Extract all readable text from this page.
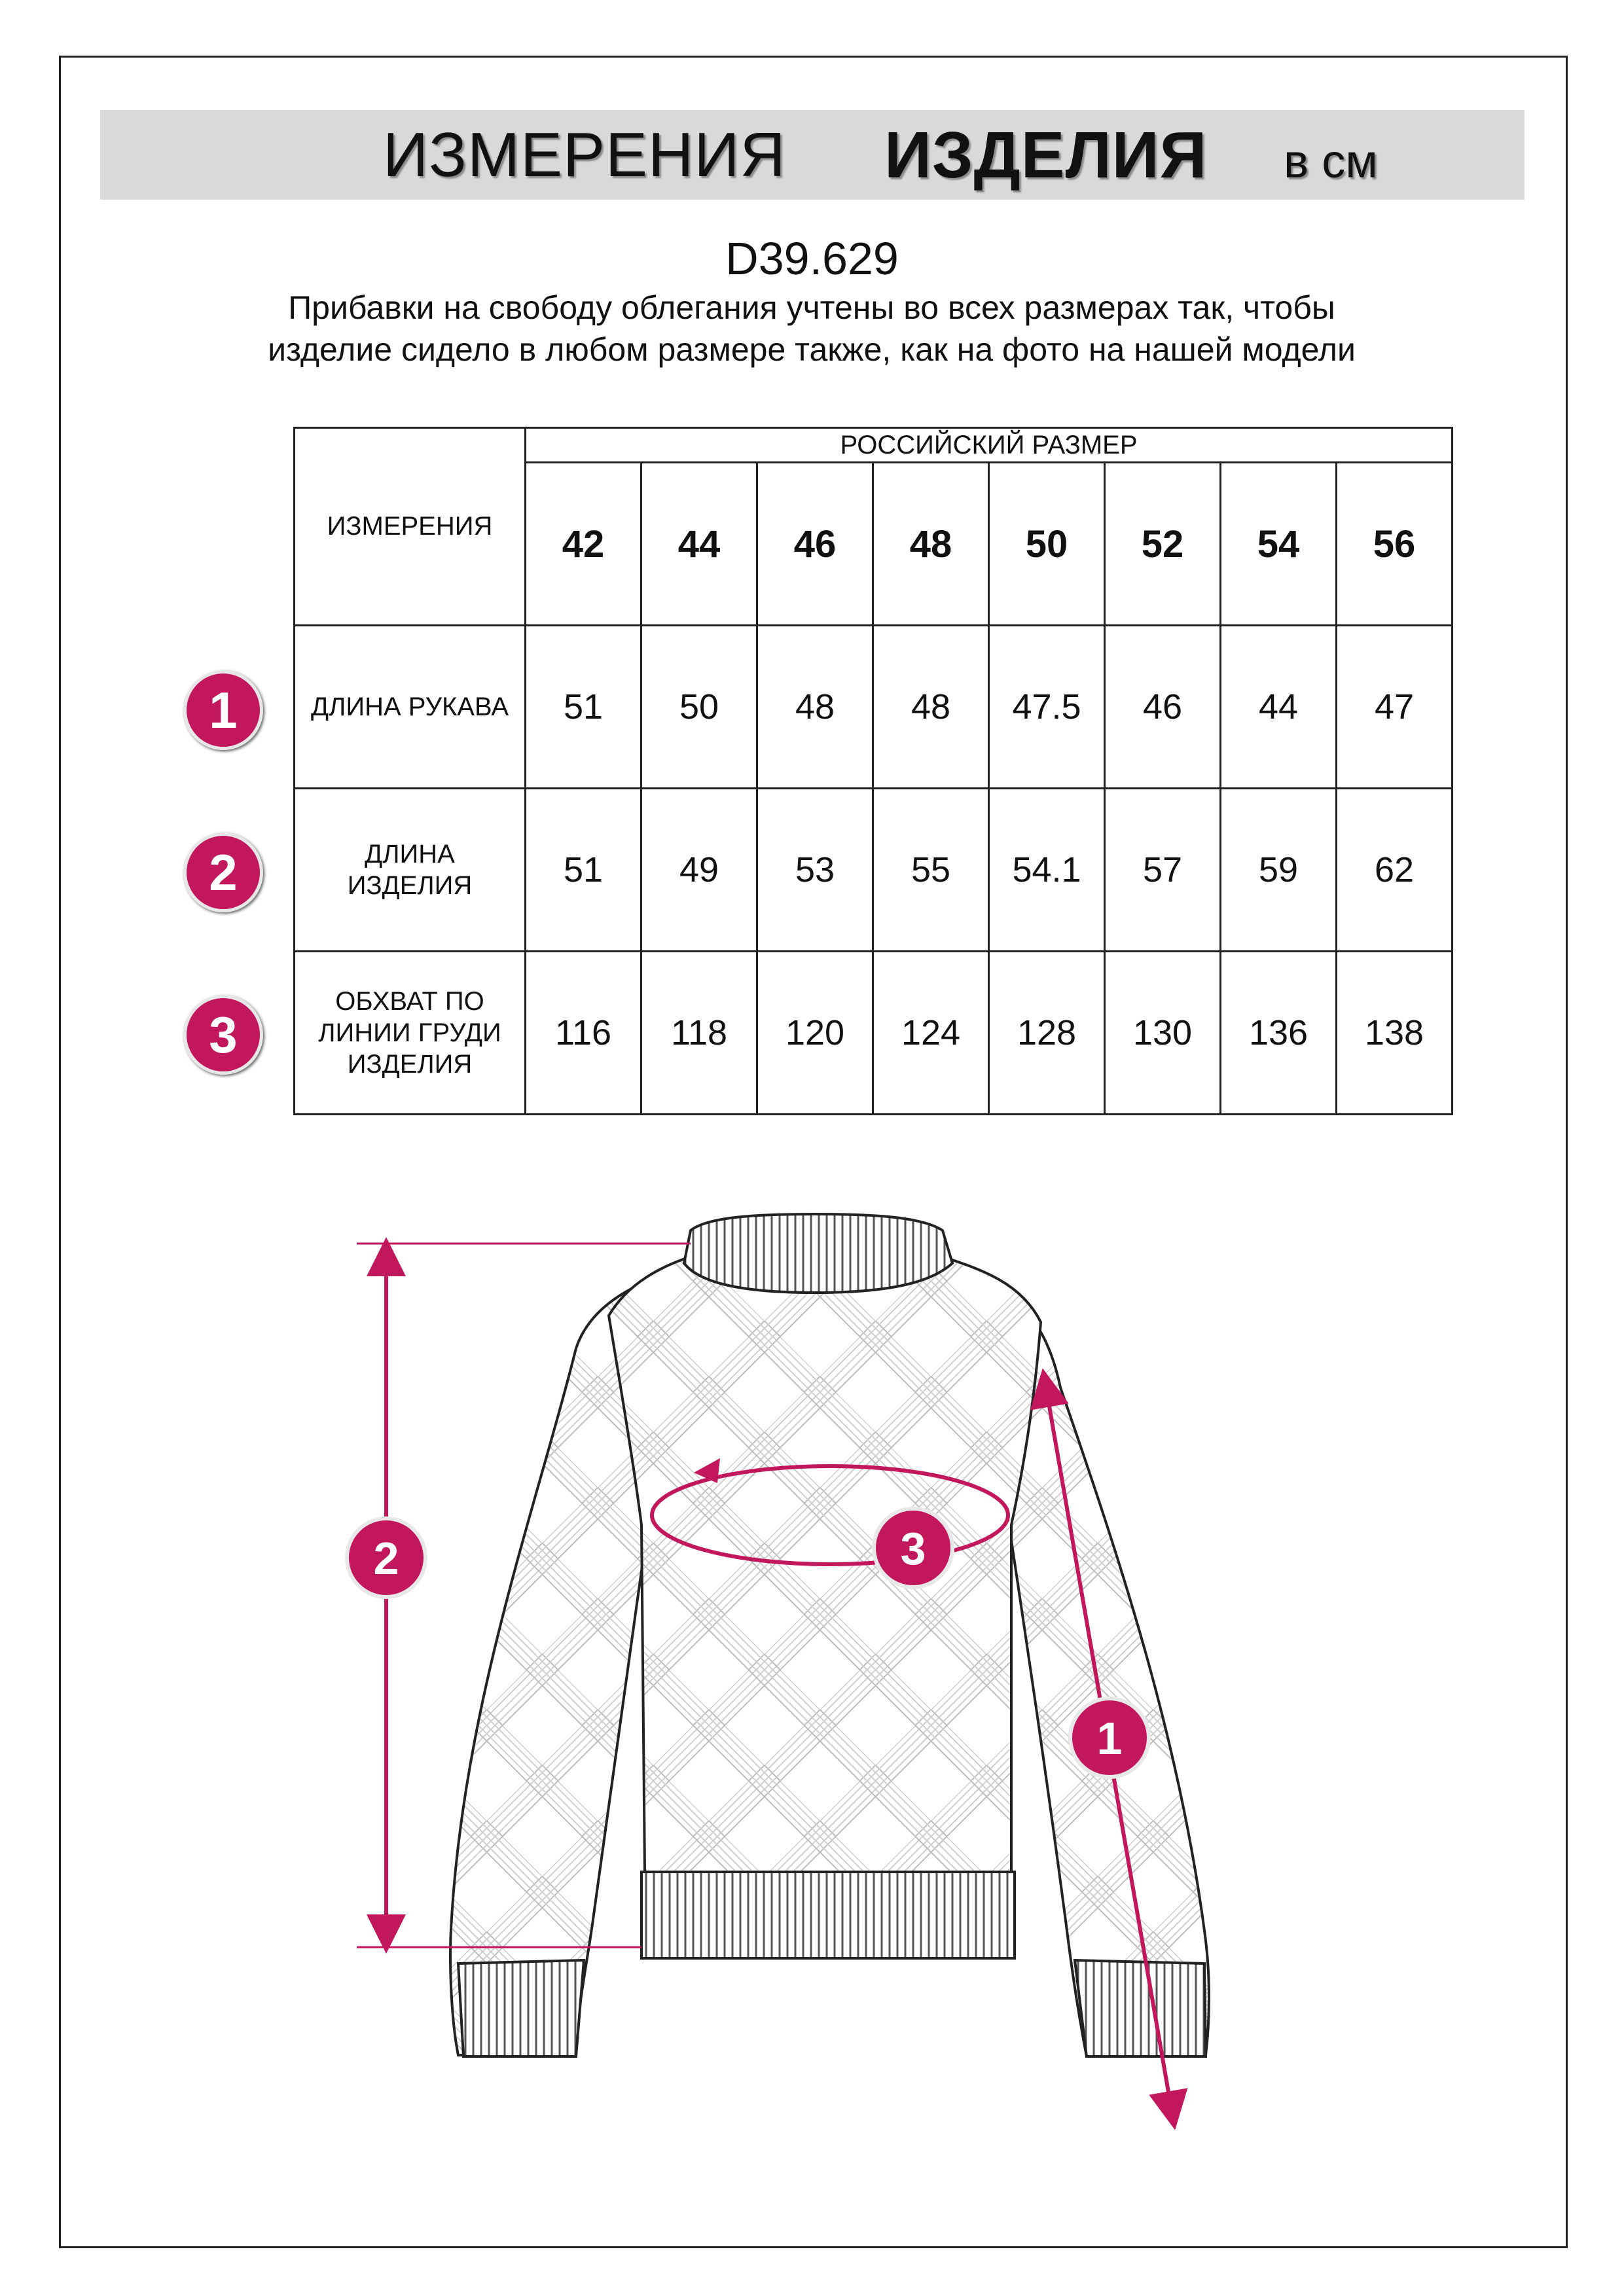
ИЗМЕРЕНИЯ ИЗДЕЛИЯ в см
D39.629
Прибавки на свободу облегания учтены во всех размерах так, чтобы изделие сидело в любом размере также, как на фото на нашей модели
ИЗМЕРЕНИЯ	РОССИЙСКИЙ РАЗМЕР							
	42	44	46	48	50	52	54	56
ДЛИНА РУКАВА	51	50	48	48	47.5	46	44	47
ДЛИНА ИЗДЕЛИЯ	51	49	53	55	54.1	57	59	62
ОБХВАТ ПО ЛИНИИ ГРУДИ ИЗДЕЛИЯ	116	118	120	124	128	130	136	138
1
2
3
2	3
1
